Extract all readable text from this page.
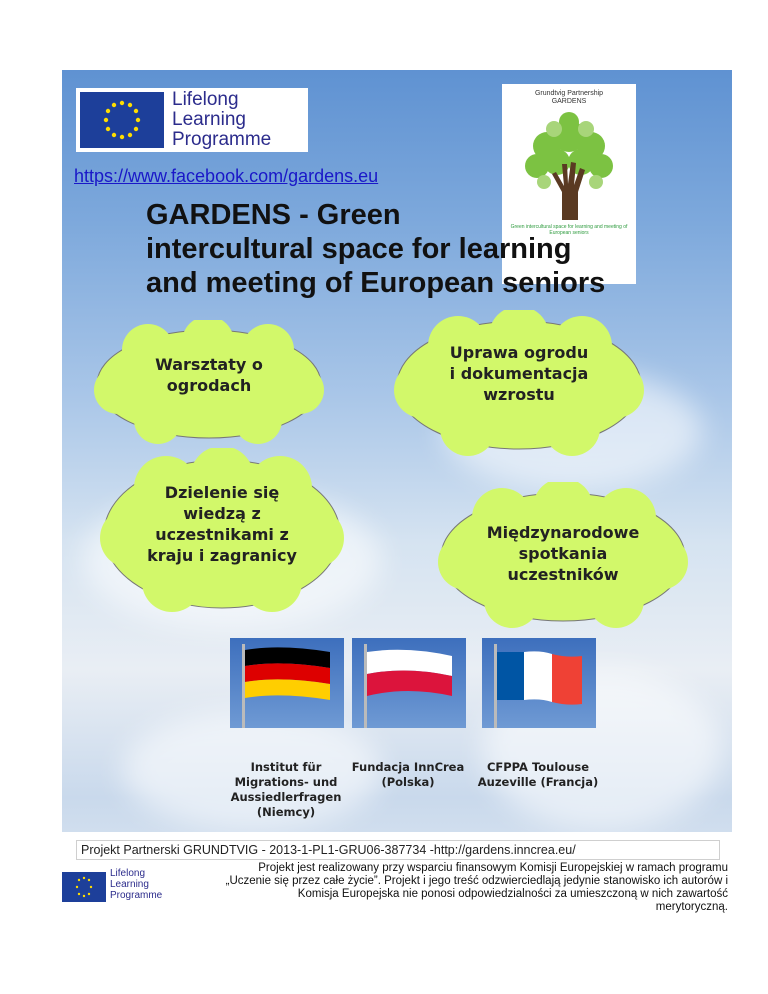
Lifelong
Learning
Programme
https://www.facebook.com/gardens.eu
Grundtvig Partnership
GARDENS
Green intercultural space for learning and meeting of European seniors
GARDENS - Green
intercultural space for learning
and meeting of European seniors
Warsztaty o
ogrodach
Uprawa ogrodu
i dokumentacja
wzrostu
Dzielenie się
wiedzą z
uczestnikami z
kraju i zagranicy
Międzynarodowe
spotkania
uczestników
Institut für
Migrations- und
Aussiedlerfragen
(Niemcy)
Fundacja InnCrea
(Polska)
CFPPA Toulouse
Auzeville (Francja)
Projekt Partnerski GRUNDTVIG - 2013-1-PL1-GRU06-387734 -http://gardens.inncrea.eu/
Lifelong
Learning
Programme
Projekt jest realizowany przy wsparciu finansowym Komisji Europejskiej w ramach programu
„Uczenie się przez całe życie”. Projekt i jego treść odzwierciedlają jedynie stanowisko ich autorów i
Komisja Europejska nie ponosi odpowiedzialności za umieszczoną w nich zawartość
merytoryczną.
